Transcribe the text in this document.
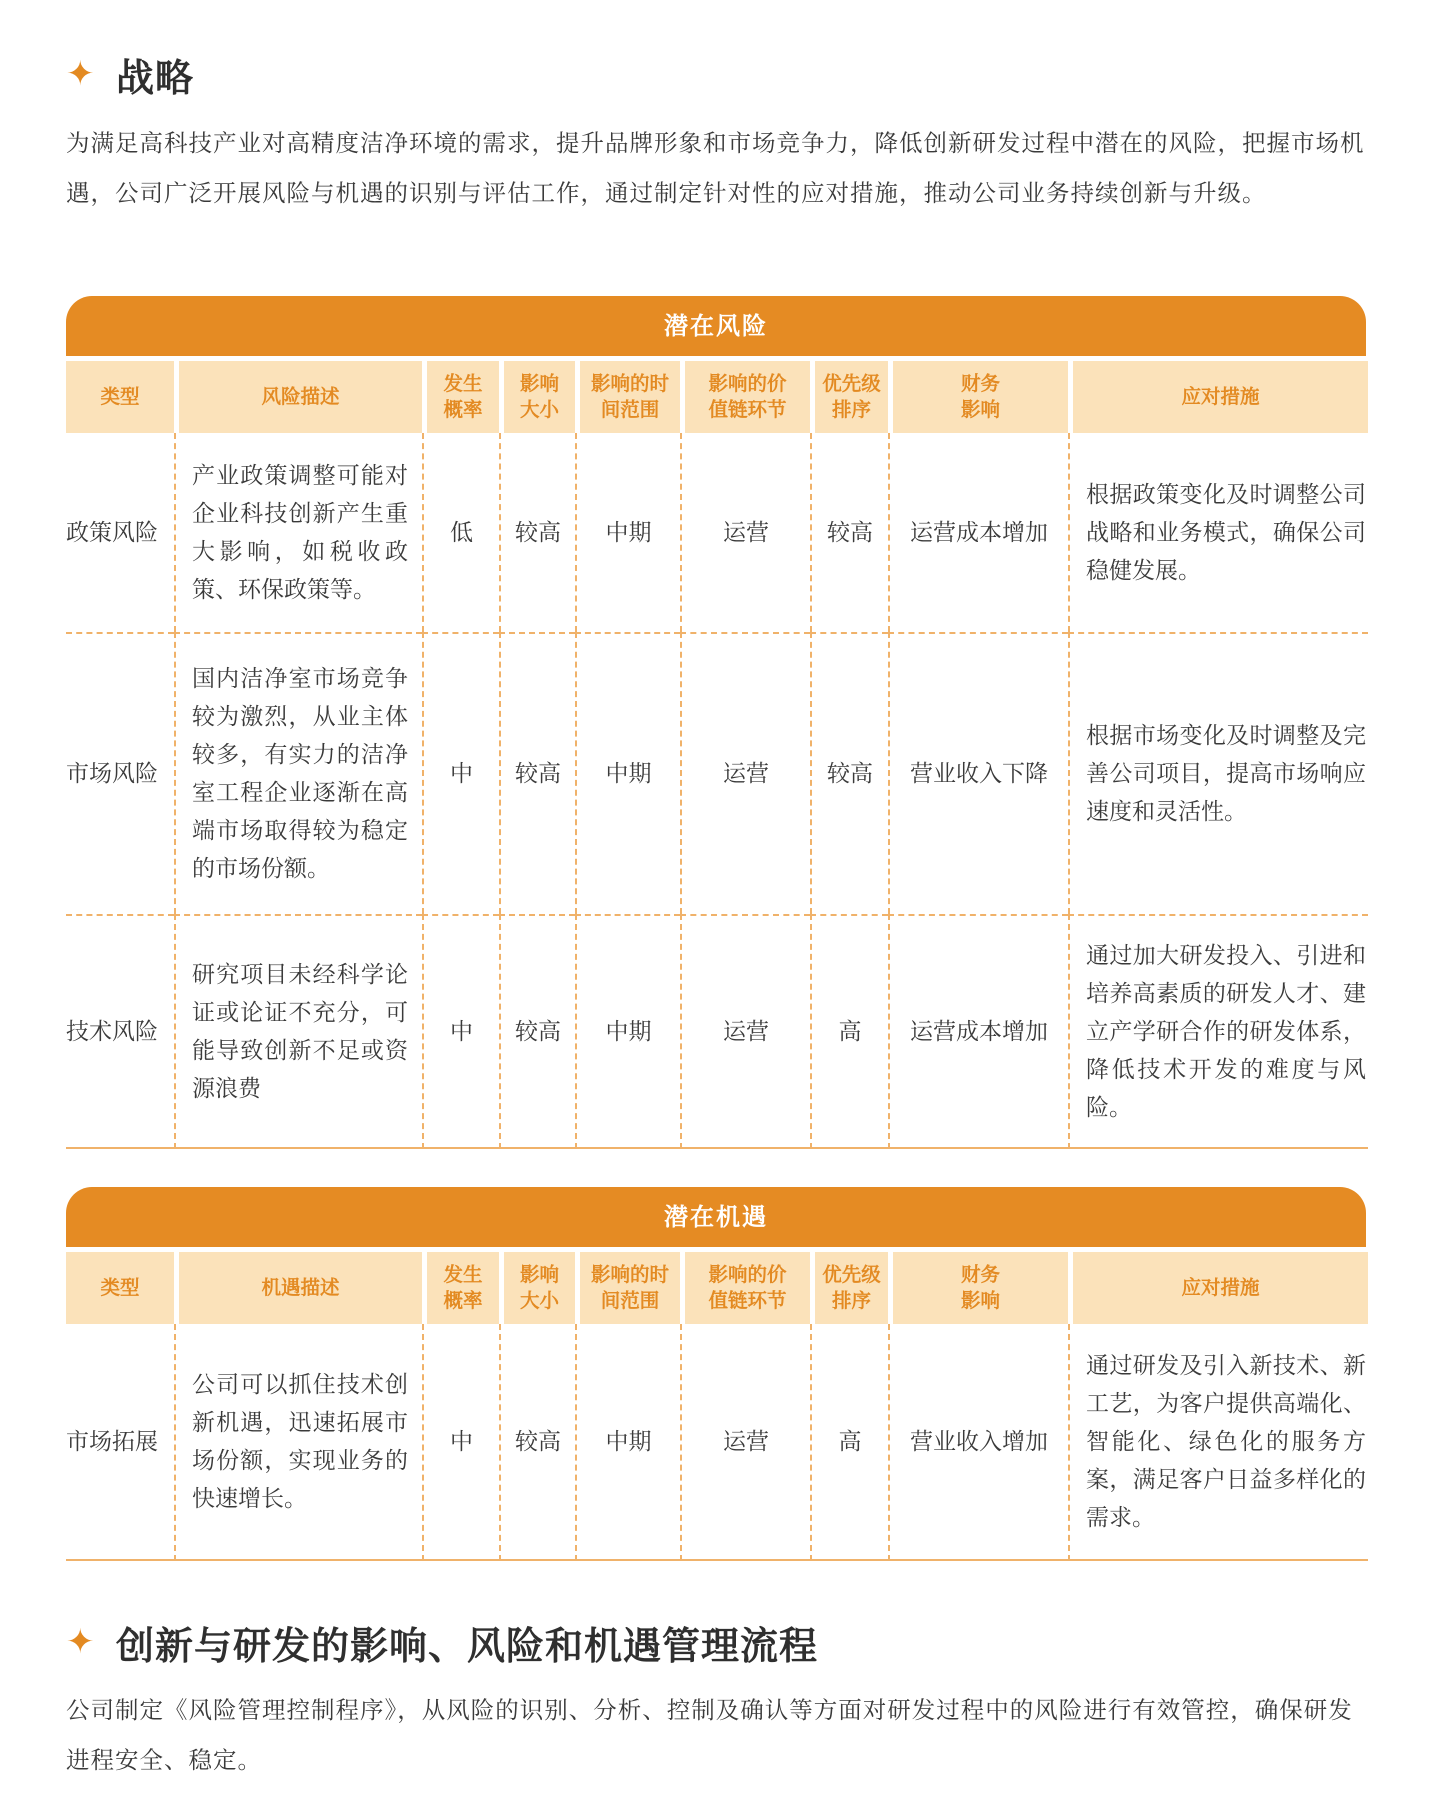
✦ 战略

为满足高科技产业对高精度洁净环境的需求，提升品牌形象和市场竞争力，降低创新研发过程中潜在的风险，把握市场机遇，公司广泛开展风险与机遇的识别与评估工作，通过制定针对性的应对措施，推动公司业务持续创新与升级。

潜在风险
类型	风险描述	发生概率	影响大小	影响的时间范围	影响的价值链环节	优先级排序	财务影响	应对措施
政策风险	产业政策调整可能对企业科技创新产生重大影响，如税收政策、环保政策等。	低	较高	中期	运营	较高	运营成本增加	根据政策变化及时调整公司战略和业务模式，确保公司稳健发展。
市场风险	国内洁净室市场竞争较为激烈，从业主体较多，有实力的洁净室工程企业逐渐在高端市场取得较为稳定的市场份额。	中	较高	中期	运营	较高	营业收入下降	根据市场变化及时调整及完善公司项目，提高市场响应速度和灵活性。
技术风险	研究项目未经科学论证或论证不充分，可能导致创新不足或资源浪费	中	较高	中期	运营	高	运营成本增加	通过加大研发投入、引进和培养高素质的研发人才、建立产学研合作的研发体系，降低技术开发的难度与风险。
潜在机遇
类型	机遇描述	发生概率	影响大小	影响的时间范围	影响的价值链环节	优先级排序	财务影响	应对措施
市场拓展	公司可以抓住技术创新机遇，迅速拓展市场份额，实现业务的快速增长。	中	较高	中期	运营	高	营业收入增加	通过研发及引入新技术、新工艺，为客户提供高端化、智能化、绿色化的服务方案，满足客户日益多样化的需求。
✦ 创新与研发的影响、风险和机遇管理流程

公司制定《风险管理控制程序》，从风险的识别、分析、控制及确认等方面对研发过程中的风险进行有效管控，确保研发进程安全、稳定。
